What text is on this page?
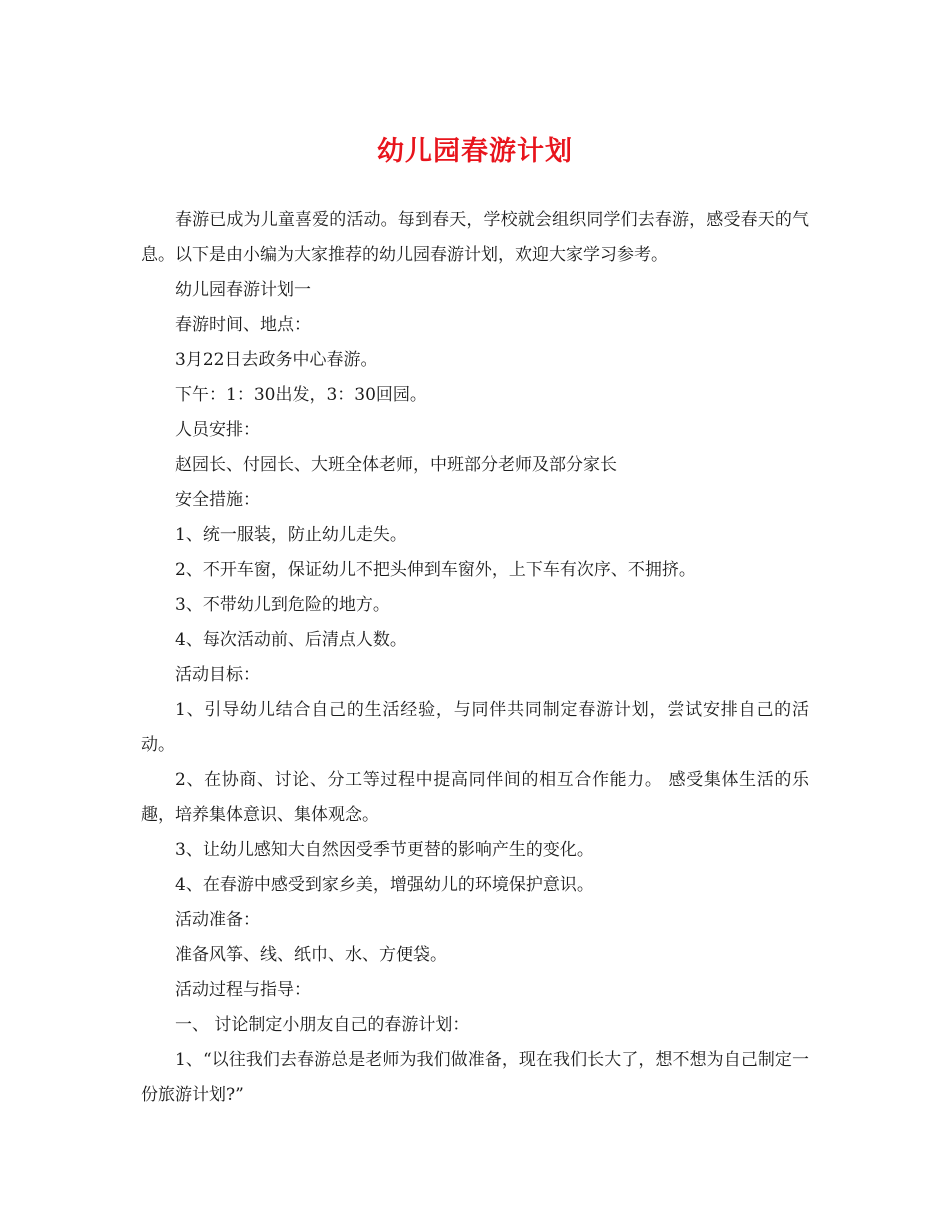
幼儿园春游计划

春游已成为儿童喜爱的活动。每到春天，学校就会组织同学们去春游，感受春天的气息。以下是由小编为大家推荐的幼儿园春游计划，欢迎大家学习参考。

幼儿园春游计划一

春游时间、地点：

3月22日去政务中心春游。

下午：1：30出发，3：30回园。

人员安排：

赵园长、付园长、大班全体老师，中班部分老师及部分家长

安全措施：

1、统一服装，防止幼儿走失。

2、不开车窗，保证幼儿不把头伸到车窗外，上下车有次序、不拥挤。

3、不带幼儿到危险的地方。

4、每次活动前、后清点人数。

活动目标：

1、引导幼儿结合自己的生活经验，与同伴共同制定春游计划，尝试安排自己的活动。

2、在协商、讨论、分工等过程中提高同伴间的相互合作能力。 感受集体生活的乐趣，培养集体意识、集体观念。

3、让幼儿感知大自然因受季节更替的影响产生的变化。

4、在春游中感受到家乡美，增强幼儿的环境保护意识。

活动准备：

准备风筝、线、纸巾、水、方便袋。

活动过程与指导：

一、 讨论制定小朋友自己的春游计划：

1、“以往我们去春游总是老师为我们做准备，现在我们长大了，想不想为自己制定一份旅游计划?”
